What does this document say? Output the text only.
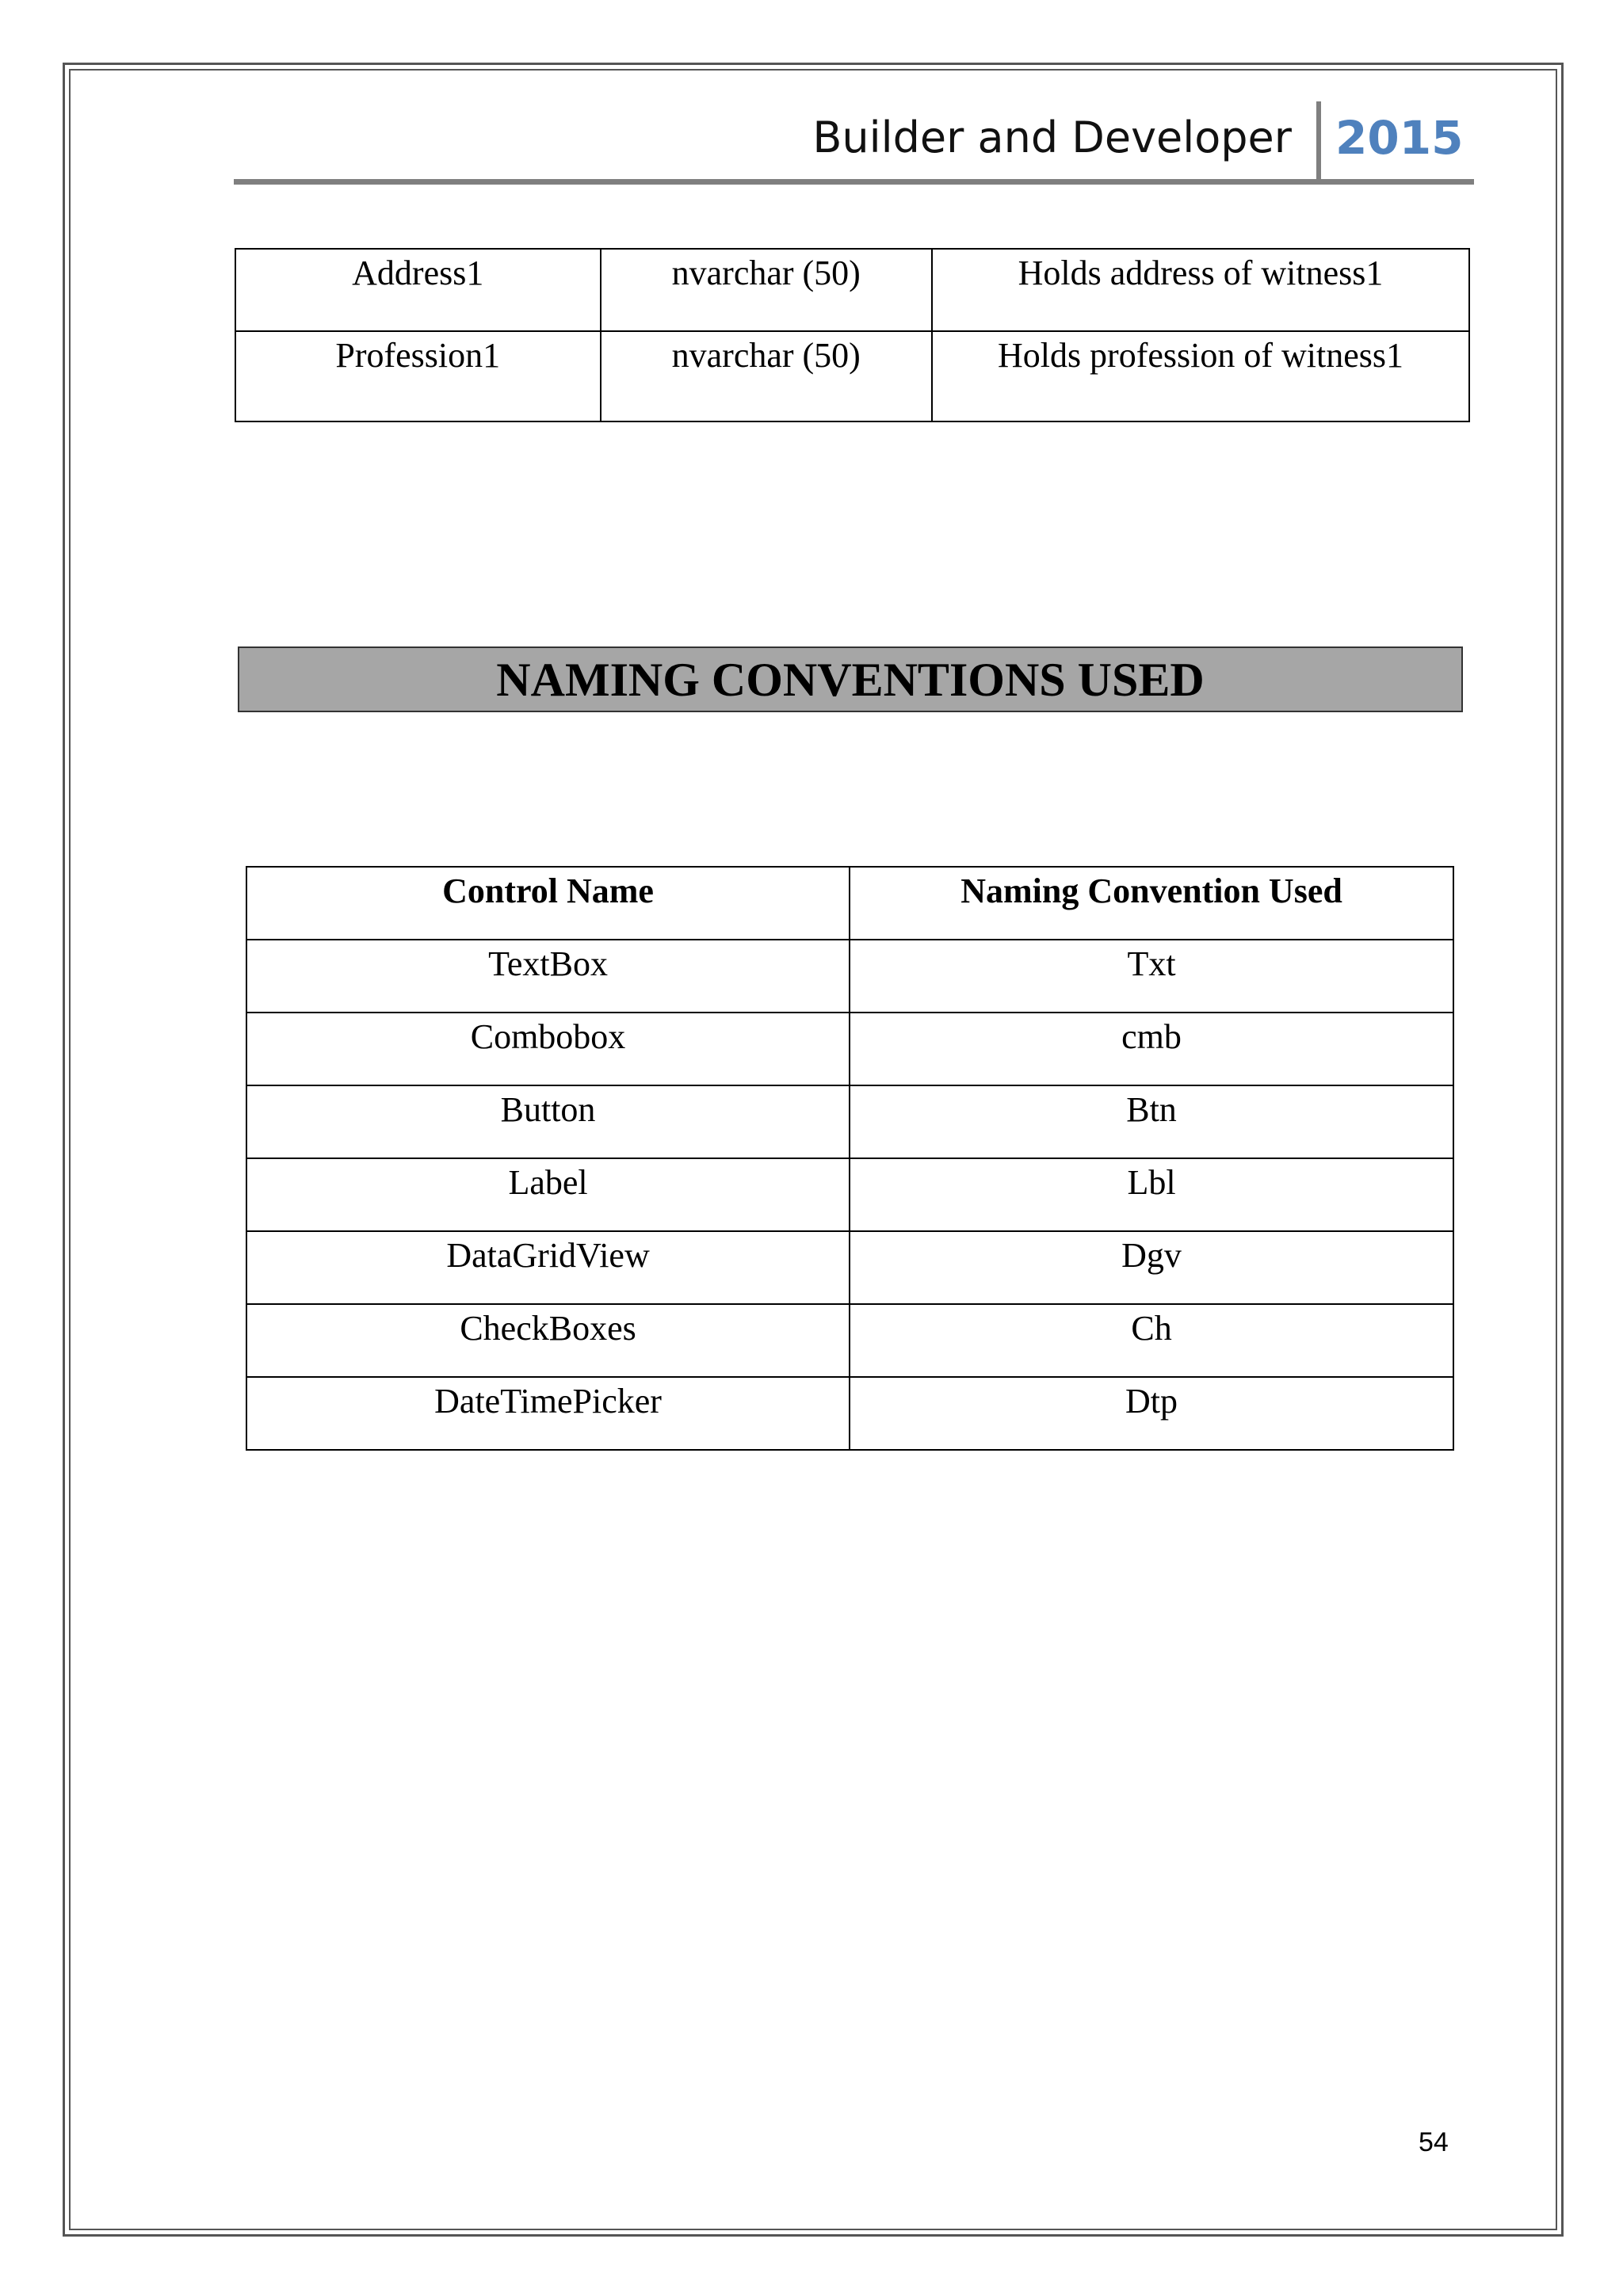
Builder and Developer 2015
Address1	nvarchar (50)	Holds address of witness1
Profession1	nvarchar (50)	Holds profession of witness1
NAMING CONVENTIONS USED
Control Name	Naming Convention Used
TextBox	Txt
Combobox	cmb
Button	Btn
Label	Lbl
DataGridView	Dgv
CheckBoxes	Ch
DateTimePicker	Dtp
54
